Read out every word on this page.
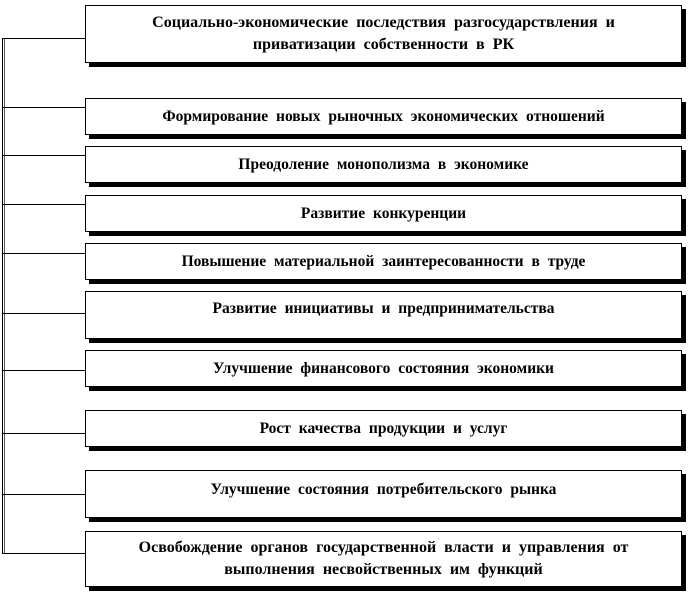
Социально-экономические последствия разгосударствления и приватизации собственности в РК
Формирование новых рыночных экономических отношений
Преодоление монополизма в экономике
Развитие конкуренции
Повышение материальной заинтересованности в труде
Развитие инициативы и предпринимательства
Улучшение финансового состояния экономики
Рост качества продукции и услуг
Улучшение состояния потребительского рынка
Освобождение органов государственной власти и управления от выполнения несвойственных им функций
